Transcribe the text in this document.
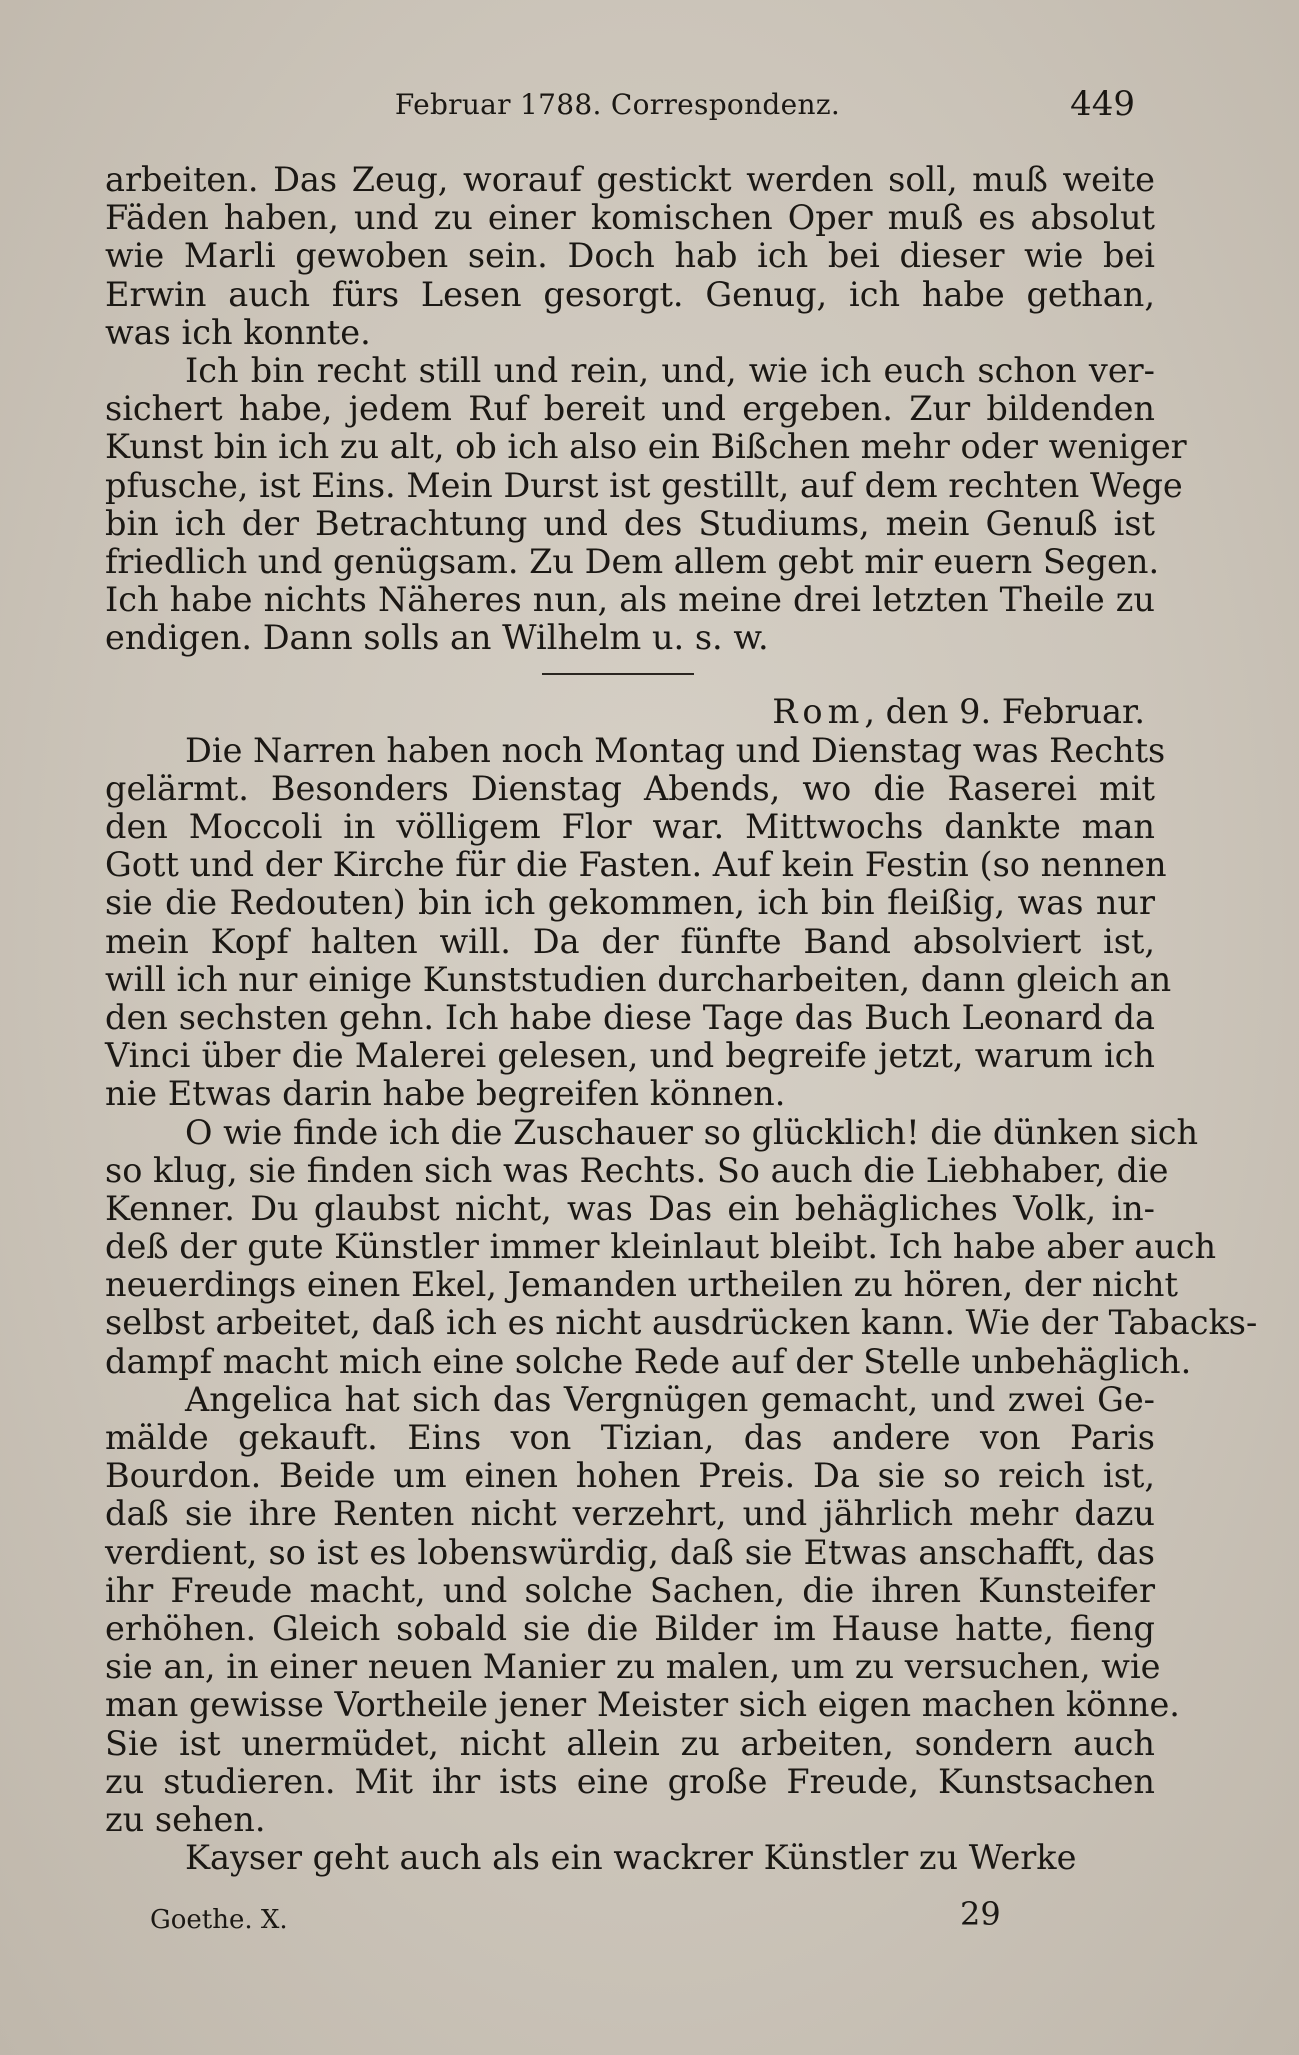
Februar 1788. Correspondenz.	449
arbeiten. Das Zeug, worauf gestickt werden soll, muß weite
Fäden haben, und zu einer komischen Oper muß es absolut
wie Marli gewoben sein. Doch hab ich bei dieser wie bei
Erwin auch fürs Lesen gesorgt. Genug, ich habe gethan,
was ich konnte.
Ich bin recht still und rein, und, wie ich euch schon ver-
sichert habe, jedem Ruf bereit und ergeben. Zur bildenden
Kunst bin ich zu alt, ob ich also ein Bißchen mehr oder weniger
pfusche, ist Eins. Mein Durst ist gestillt, auf dem rechten Wege
bin ich der Betrachtung und des Studiums, mein Genuß ist
friedlich und genügsam. Zu Dem allem gebt mir euern Segen.
Ich habe nichts Näheres nun, als meine drei letzten Theile zu
endigen. Dann solls an Wilhelm u. s. w.
Rom, den 9. Februar.
Die Narren haben noch Montag und Dienstag was Rechts
gelärmt. Besonders Dienstag Abends, wo die Raserei mit
den Moccoli in völligem Flor war. Mittwochs dankte man
Gott und der Kirche für die Fasten. Auf kein Festin (so nennen
sie die Redouten) bin ich gekommen, ich bin fleißig, was nur
mein Kopf halten will. Da der fünfte Band absolviert ist,
will ich nur einige Kunststudien durcharbeiten, dann gleich an
den sechsten gehn. Ich habe diese Tage das Buch Leonard da
Vinci über die Malerei gelesen, und begreife jetzt, warum ich
nie Etwas darin habe begreifen können.
O wie finde ich die Zuschauer so glücklich! die dünken sich
so klug, sie finden sich was Rechts. So auch die Liebhaber, die
Kenner. Du glaubst nicht, was Das ein behägliches Volk, in-
deß der gute Künstler immer kleinlaut bleibt. Ich habe aber auch
neuerdings einen Ekel, Jemanden urtheilen zu hören, der nicht
selbst arbeitet, daß ich es nicht ausdrücken kann. Wie der Tabacks-
dampf macht mich eine solche Rede auf der Stelle unbehäglich.
Angelica hat sich das Vergnügen gemacht, und zwei Ge-
mälde gekauft. Eins von Tizian, das andere von Paris
Bourdon. Beide um einen hohen Preis. Da sie so reich ist,
daß sie ihre Renten nicht verzehrt, und jährlich mehr dazu
verdient, so ist es lobenswürdig, daß sie Etwas anschafft, das
ihr Freude macht, und solche Sachen, die ihren Kunsteifer
erhöhen. Gleich sobald sie die Bilder im Hause hatte, fieng
sie an, in einer neuen Manier zu malen, um zu versuchen, wie
man gewisse Vortheile jener Meister sich eigen machen könne.
Sie ist unermüdet, nicht allein zu arbeiten, sondern auch
zu studieren. Mit ihr ists eine große Freude, Kunstsachen
zu sehen.
Kayser geht auch als ein wackrer Künstler zu Werke
Goethe. X.	29
